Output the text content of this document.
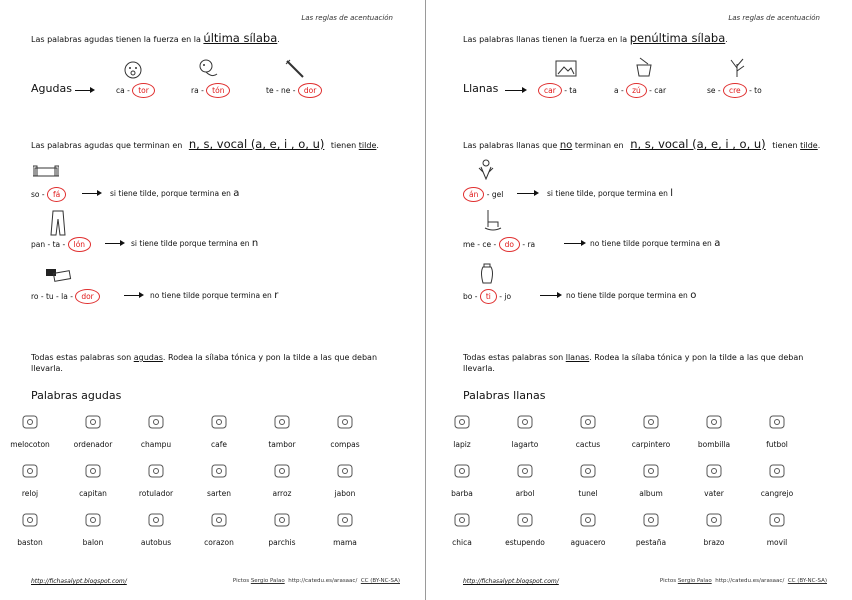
Las reglas de acentuación
Las palabras agudas tienen la fuerza en la última sílaba.
Agudas	ca - tor	ra - tón	te - ne - dor
Las palabras agudas que terminan en n, s, vocal (a, e, i , o, u) tienen tilde.
so - fá	si tiene tilde, porque termina en a
pan - ta - lón	si tiene tilde porque termina en n
ro - tu - la - dor	no tiene tilde porque termina en r
Todas estas palabras son agudas. Rodea la sílaba tónica y pon la tilde a las que deban llevarla.
Palabras agudas
melocoton	ordenador	champu	cafe	tambor	compas
reloj	capitan	rotulador	sarten	arroz	jabon
baston	balon	autobus	corazon	parchis	mama
http://fichasalypt.blogspot.com/	Pictos Sergio Palao http://catedu.es/arasaac/ CC (BY-NC-SA)
Las reglas de acentuación
Las palabras llanas tienen la fuerza en la penúltima sílaba.
Llanas	car - ta	a - zú - car	se - cre - to
Las palabras llanas que no terminan en n, s, vocal (a, e, i , o, u) tienen tilde.
án - gel	si tiene tilde, porque termina en l
me - ce - do - ra	no tiene tilde porque termina en a
bo - ti - jo	no tiene tilde porque termina en o
Todas estas palabras son llanas. Rodea la sílaba tónica y pon la tilde a las que deban llevarla.
Palabras llanas
lapiz	lagarto	cactus	carpintero	bombilla	futbol
barba	arbol	tunel	album	vater	cangrejo
chica	estupendo	aguacero	pestaña	brazo	movil
http://fichasalypt.blogspot.com/	Pictos Sergio Palao http://catedu.es/arasaac/ CC (BY-NC-SA)
